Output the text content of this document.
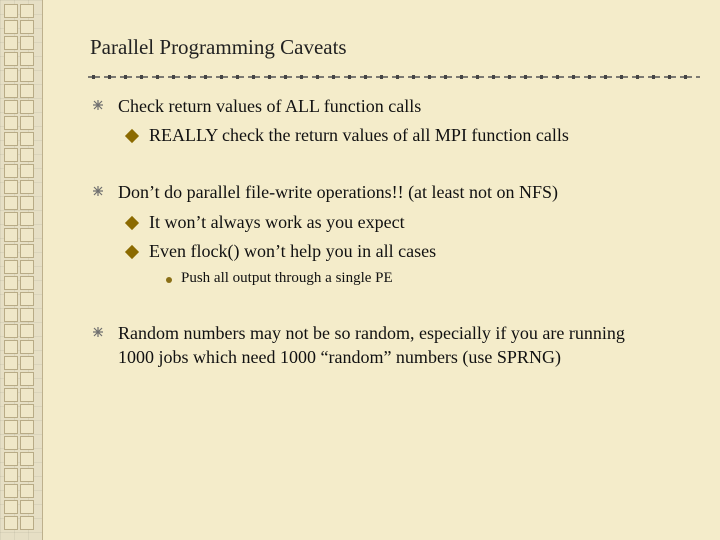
Parallel Programming Caveats
Check return values of ALL function calls
REALLY check the return values of all MPI function calls
Don’t do parallel file-write operations!! (at least not on NFS)
It won’t always work as you expect
Even flock() won’t help you in all cases
Push all output through a single PE
Random numbers may not be so random, especially if you are running
1000 jobs which need 1000 “random” numbers (use SPRNG)
